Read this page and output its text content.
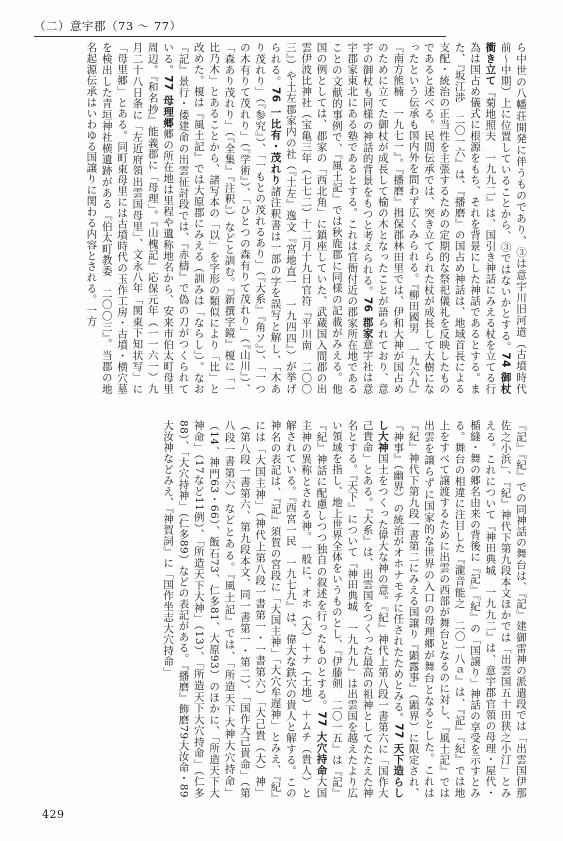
（二）意宇郡（73 〜 77）

ら中世の八幡荘開発に伴うものであり、③は意宇川旧河道（古墳時代前〜中期）上に位置していることから、③ではないかとする。74 御杖衝き立て『菊地照夫　一九九二』は、国引き神話にみえる杖を立てる行為は国占め儀式に根源をもち、それを背景にした神話であるとする。また、『坂江渉　二〇一六』は、『播磨』の国占め神話は、地域首長による支配・統治の正当性を主張するための定期的な祭祀儀礼を反映したものであると述べる。民間伝承では、突き立てられた杖が成長して大樹になったという伝承も国内外を問わず広くみられる。『柳田國男　一九六九』『南方熊楠　一九七一』。『播磨』揖保郡林田里では、伊和大神が国占めのために立てた御杖が成長して榆の木となったことが語られており、意宇の御杖も同様の神話的背景をもつと考えられる。76 郡家意宇社は意宇郡家東北にある塾であるとする。これは官衙付近の郡家所在地であることの文献的事例で、『風土記』では秋鹿郡に同様の記載がみえる。他国の例としては、郡家の「西北角」に鎮座していた、武蔵国入間郡の出雲伊波比神社（宝亀三年（七七二）十二月十九日官符『平川南　二〇〇三』）や土左郡家内の社（『土左』逸文『宮地直一　一九四四』）が挙げられる。76 一比有・茂れり諸注釈書は一部の字を誤写と解し、「木あり茂れり」（『参究』）、「一もとの茂れるあり」（『大系』『角ソ』）、「一つの木有りて茂れり」（『学術』）、「ひとつの森有りて茂れり」（『山川』）、「森あり茂れり」（『全集』『注釈』）などと訓む。『新撰字鏡』榎に「一比乃木」とあることから、諸写本の「以」を字形の類似により「比」と改めた。榎は『風土記』では大原郡にみえる（訓みは「ならし」）。なお『記』景行・倭建命の出雲征討段では、『赤檮』で偽の刀がつくられている。77 母理郷郷の所在地は里程や遺称地名から、安来市伯太町母里周辺。『和名抄』能義郡に「母理」。『山槐記』応保元年（一一六一）九月二十八日条に「左近府領出雲国母里」、文永八年「関東下知状写」に「母里郷」とある。同町東母里には古墳時代の玉作工房・古墳・横穴墓を検出した青垣神社横遺跡がある『伯太町教委　二〇〇三』。当郡の地名起源伝承はいわゆる国譲りに関わる内容とされる。一方

『記』『紀』での同神話の舞台は、『記』建御雷神の派遣段では「出雲国伊那佐之小浜」、『紀』神代下第九段本文ほかでは「出雲国五十田狭之小汀」とみえる。これについて『神田典城　一九九二』は、意宇郡官領の母理・屋代・楯縫・舞の郷名由来の背後に『記』『紀』の「国譲り」神話の享受を示すとみる。舞台の相違に注目した『瀧音能之　二〇一八ａ』は、『記』『紀』では地上をすべて譲渡するために出雲の西部が舞台となるのに対し、『風土記』では出雲を譲らずに国家的な世界の入口の母理郷が舞台となるとした。これは『紀』神代下第九段一書第二にみえる国譲り『顕露事』（顕界）に限定され、『神事』（幽界）の統治がオホナモチに任されたためとみる。77 天下造らしし大神国土をつくった偉大な神の意。『紀』神代上第八段一書第六に「国作大己貴命」とある。『大系』は、出雲国をつくった最高の祖神としてたたえた神名とする。『天下』について『神田典城　一九九九』は出雲国を越えたより広い領域を指し、地上世界全体をいうものとし、『伊藤剣　二〇一五』は『記』『紀』神話に配慮しつつ独自の叙述を行ったものとする。77 大穴持命大国主神の異称とされる神。一般に、オホ（大）＋ナ（土地）＋ムチ（貴人）と解されている。『西宮一民　一九七九』は、偉大な鉄穴の貴人と解する。この神名の表記は、『記』須賀の宮段に「大国主神」「大穴牟遅神」とみえ、『紀』には「大国主神」（神代上第八段一書第一・一書第六）「大己貴（大）神」（第八段一書第六、第九段本文、同一書第一・第二）、「国作大己貴命」（第八段一書第六）などとある。『風土記』では、「所造天下大神大穴持命」（14、神門63・66）、飯石73、仁多81、大原93）のほかに、「所造天下大神命」（17など11例）、「所造天下大神」（13）、「所造天下大穴持命」（仁多88）、「大穴持神」（仁多89）などの表記がある。『播磨』飾磨79大汝命・89大汝神などみえ、『神賀詞』に「国作坐志大穴持命」

429
